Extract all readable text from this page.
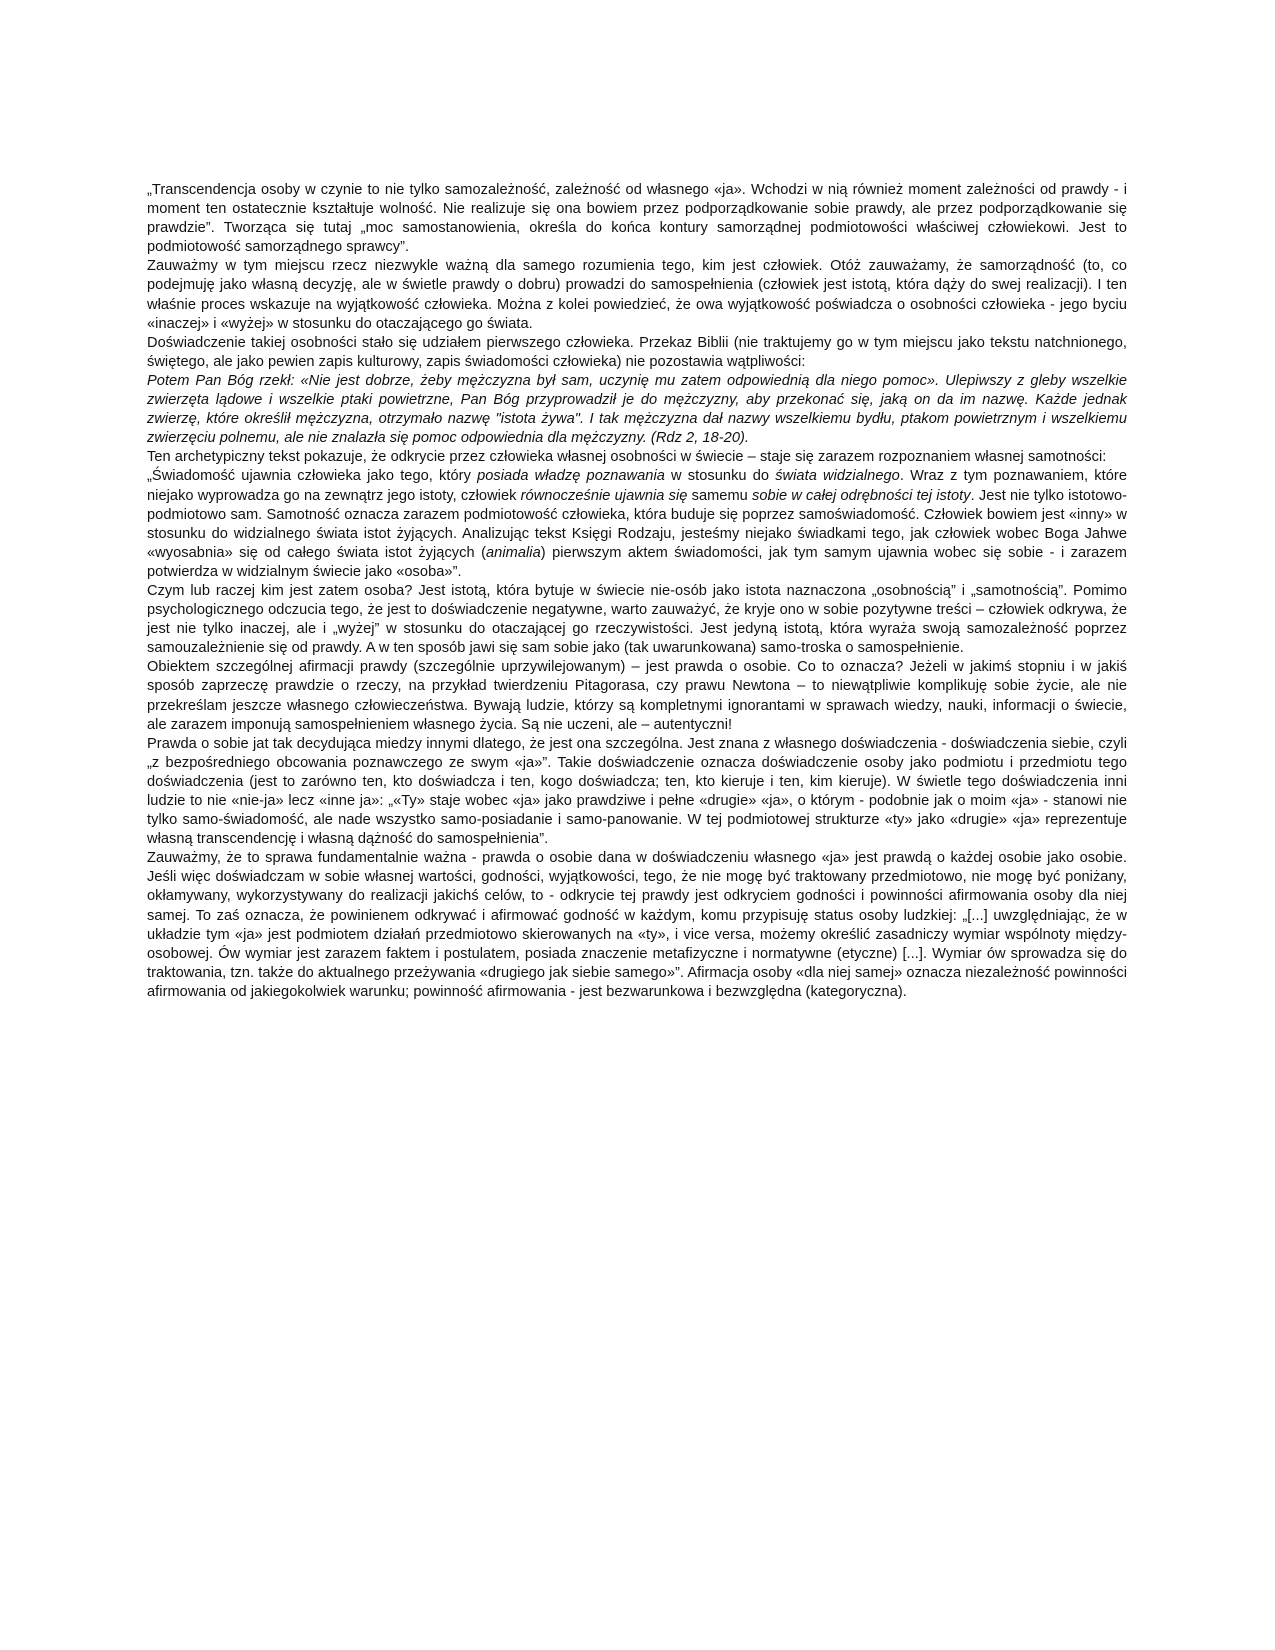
„Transcendencja osoby w czynie to nie tylko samozależność, zależność od własnego «ja». Wchodzi w nią również moment zależności od prawdy - i moment ten ostatecznie kształtuje wolność. Nie realizuje się ona bowiem przez podporządkowanie sobie prawdy, ale przez podporządkowanie się prawdzie”. Tworząca się tutaj „moc samostanowienia, określa do końca kontury samorządnej podmiotowości właściwej człowiekowi. Jest to podmiotowość samorządnego sprawcy”.

Zauważmy w tym miejscu rzecz niezwykle ważną dla samego rozumienia tego, kim jest człowiek. Otóż zauważamy, że samorządność (to, co podejmuję jako własną decyzję, ale w świetle prawdy o dobru) prowadzi do samospełnienia (człowiek jest istotą, która dąży do swej realizacji). I ten właśnie proces wskazuje na wyjątkowość człowieka. Można z kolei powiedzieć, że owa wyjątkowość poświadcza o osobności człowieka - jego byciu «inaczej» i «wyżej» w stosunku do otaczającego go świata.

Doświadczenie takiej osobności stało się udziałem pierwszego człowieka. Przekaz Biblii (nie traktujemy go w tym miejscu jako tekstu natchnionego, świętego, ale jako pewien zapis kulturowy, zapis świadomości człowieka) nie pozostawia wątpliwości:

Potem Pan Bóg rzekł: «Nie jest dobrze, żeby mężczyzna był sam, uczynię mu zatem odpowiednią dla niego pomoc». Ulepiwszy z gleby wszelkie zwierzęta lądowe i wszelkie ptaki powietrzne, Pan Bóg przyprowadził je do mężczyzny, aby przekonać się, jaką on da im nazwę. Każde jednak zwierzę, które określił mężczyzna, otrzymało nazwę "istota żywa". I tak mężczyzna dał nazwy wszelkiemu bydłu, ptakom powietrznym i wszelkiemu zwierzęciu polnemu, ale nie znalazła się pomoc odpowiednia dla mężczyzny. (Rdz 2, 18-20).

Ten archetypiczny tekst pokazuje, że odkrycie przez człowieka własnej osobności w świecie – staje się zarazem rozpoznaniem własnej samotności:

„Świadomość ujawnia człowieka jako tego, który posiada władzę poznawania w stosunku do świata widzialnego. Wraz z tym poznawaniem, które niejako wyprowadza go na zewnątrz jego istoty, człowiek równocześnie ujawnia się samemu sobie w całej odrębności tej istoty. Jest nie tylko istotowo-podmiotowo sam. Samotność oznacza zarazem podmiotowość człowieka, która buduje się poprzez samoświadomość. Człowiek bowiem jest «inny» w stosunku do widzialnego świata istot żyjących. Analizując tekst Księgi Rodzaju, jesteśmy niejako świadkami tego, jak człowiek wobec Boga Jahwe «wyosabnia» się od całego świata istot żyjących (animalia) pierwszym aktem świadomości, jak tym samym ujawnia wobec się sobie - i zarazem potwierdza w widzialnym świecie jako «osoba»”.

Czym lub raczej kim jest zatem osoba? Jest istotą, która bytuje w świecie nie-osób jako istota naznaczona „osobnością” i „samotnością”. Pomimo psychologicznego odczucia tego, że jest to doświadczenie negatywne, warto zauważyć, że kryje ono w sobie pozytywne treści – człowiek odkrywa, że jest nie tylko inaczej, ale i „wyżej” w stosunku do otaczającej go rzeczywistości. Jest jedyną istotą, która wyraża swoją samozależność poprzez samouzależnienie się od prawdy. A w ten sposób jawi się sam sobie jako (tak uwarunkowana) samo-troska o samospełnienie.

Obiektem szczególnej afirmacji prawdy (szczególnie uprzywilejowanym) – jest prawda o osobie. Co to oznacza? Jeżeli w jakimś stopniu i w jakiś sposób zaprzeczę prawdzie o rzeczy, na przykład twierdzeniu Pitagorasa, czy prawu Newtona – to niewątpliwie komplikuję sobie życie, ale nie przekreślam jeszcze własnego człowieczeństwa. Bywają ludzie, którzy są kompletnymi ignorantami w sprawach wiedzy, nauki, informacji o świecie, ale zarazem imponują samospełnieniem własnego życia. Są nie uczeni, ale – autentyczni!

Prawda o sobie jat tak decydująca miedzy innymi dlatego, że jest ona szczególna. Jest znana z własnego doświadczenia - doświadczenia siebie, czyli „z bezpośredniego obcowania poznawczego ze swym «ja»”. Takie doświadczenie oznacza doświadczenie osoby jako podmiotu i przedmiotu tego doświadczenia (jest to zarówno ten, kto doświadcza i ten, kogo doświadcza; ten, kto kieruje i ten, kim kieruje). W świetle tego doświadczenia inni ludzie to nie «nie-ja» lecz «inne ja»: „«Ty» staje wobec «ja» jako prawdziwe i pełne «drugie» «ja», o którym - podobnie jak o moim «ja» - stanowi nie tylko samo-świadomość, ale nade wszystko samo-posiadanie i samo-panowanie. W tej podmiotowej strukturze «ty» jako «drugie» «ja» reprezentuje własną transcendencję i własną dążność do samospełnienia”.

Zauważmy, że to sprawa fundamentalnie ważna - prawda o osobie dana w doświadczeniu własnego «ja» jest prawdą o każdej osobie jako osobie. Jeśli więc doświadczam w sobie własnej wartości, godności, wyjątkowości, tego, że nie mogę być traktowany przedmiotowo, nie mogę być poniżany, okłamywany, wykorzystywany do realizacji jakichś celów, to - odkrycie tej prawdy jest odkryciem godności i powinności afirmowania osoby dla niej samej. To zaś oznacza, że powinienem odkrywać i afirmować godność w każdym, komu przypisuję status osoby ludzkiej: „[...] uwzględniając, że w układzie tym «ja» jest podmiotem działań przedmiotowo skierowanych na «ty», i vice versa, możemy określić zasadniczy wymiar wspólnoty między-osobowej. Ów wymiar jest zarazem faktem i postulatem, posiada znaczenie metafizyczne i normatywne (etyczne) [...]. Wymiar ów sprowadza się do traktowania, tzn. także do aktualnego przeżywania «drugiego jak siebie samego»”. Afirmacja osoby «dla niej samej» oznacza niezależność powinności afirmowania od jakiegokolwiek warunku; powinność afirmowania - jest bezwarunkowa i bezwzględna (kategoryczna).
